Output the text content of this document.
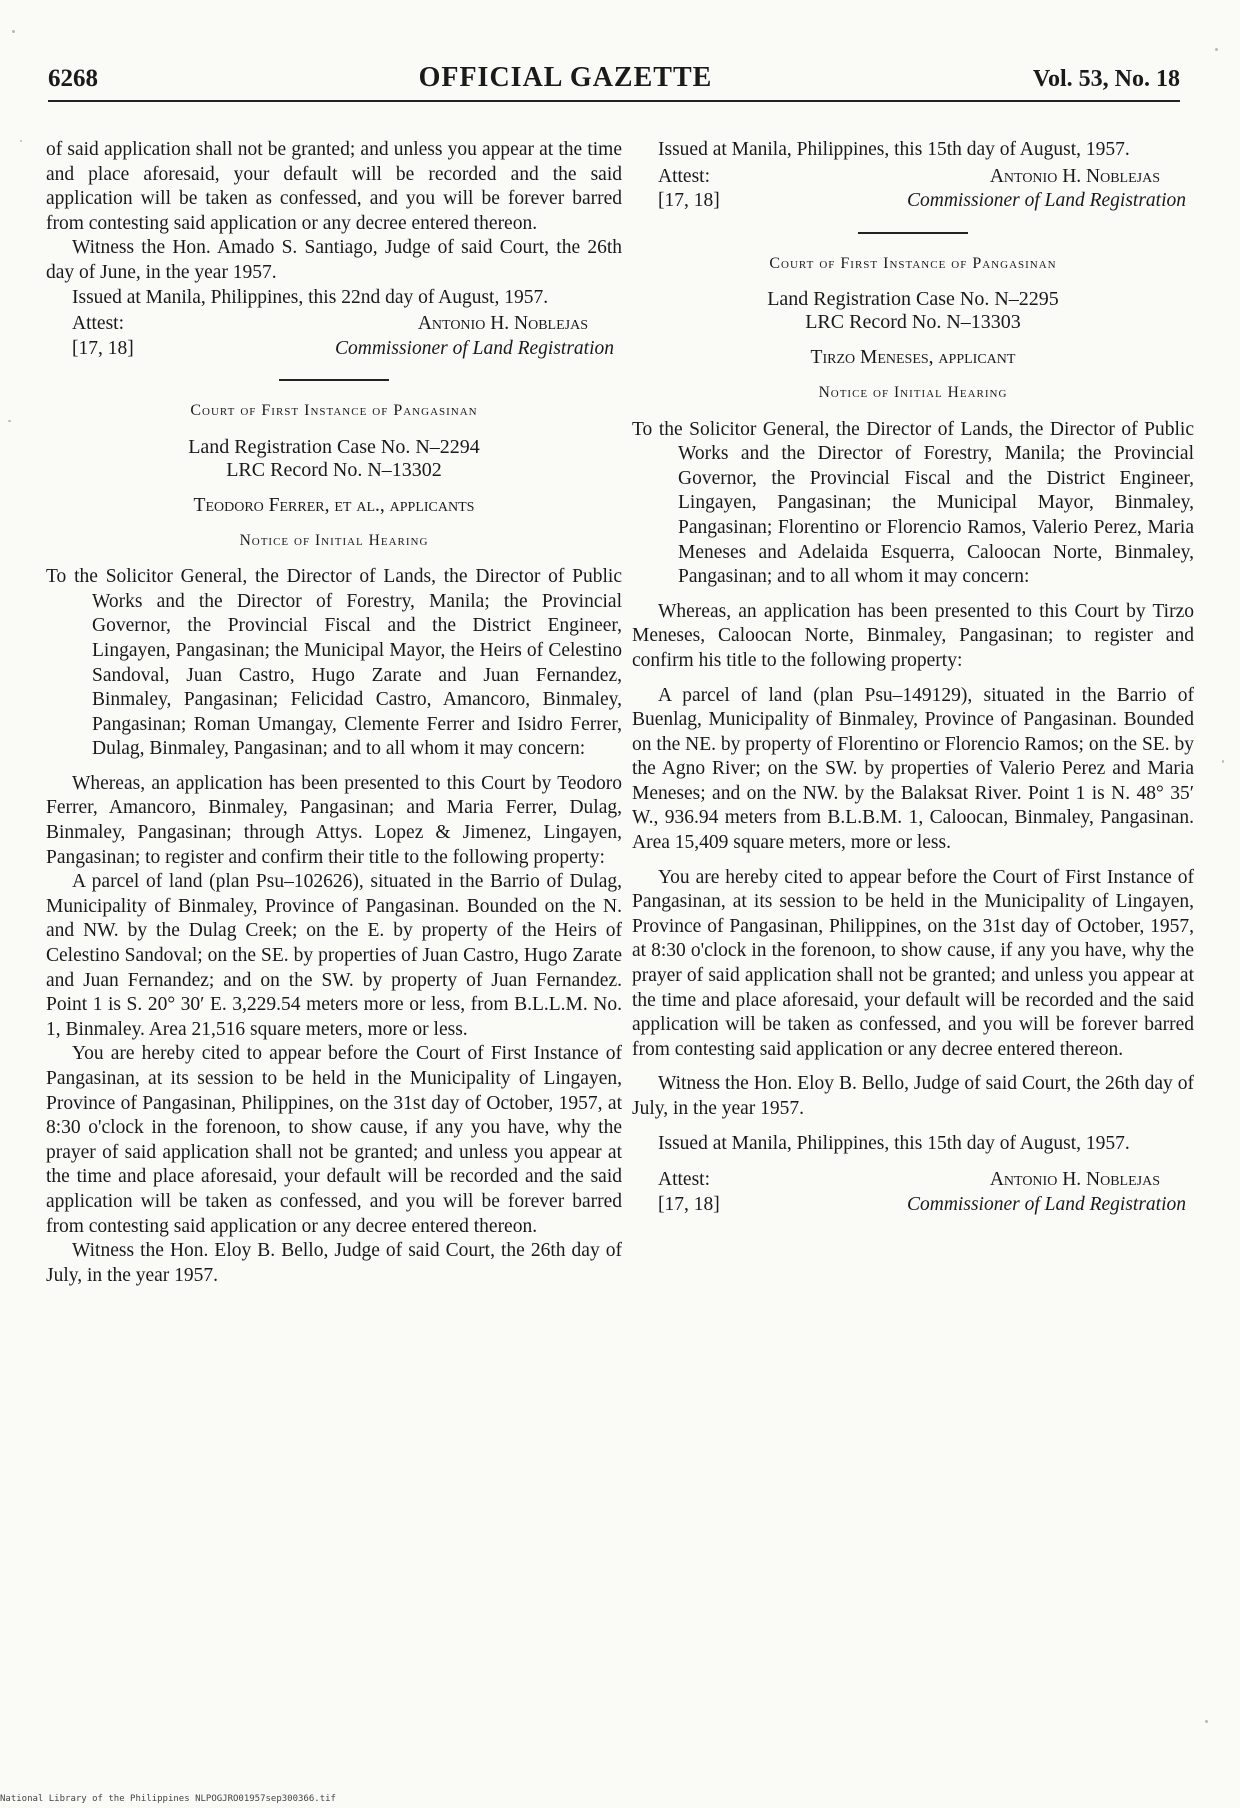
6268	OFFICIAL GAZETTE	Vol. 53, No. 18

of said application shall not be granted; and unless you appear at the time and place aforesaid, your default will be recorded and the said application will be taken as confessed, and you will be forever barred from contesting said application or any decree entered thereon.

Witness the Hon. Amado S. Santiago, Judge of said Court, the 26th day of June, in the year 1957.

Issued at Manila, Philippines, this 22nd day of August, 1957.

Attest:	Antonio H. Noblejas
[17, 18]	Commissioner of Land Registration
Court of First Instance of Pangasinan
Land Registration Case No. N–2294
LRC Record No. N–13302
Teodoro Ferrer, et al., applicants
Notice of Initial Hearing

To the Solicitor General, the Director of Lands, the Director of Public Works and the Director of Forestry, Manila; the Provincial Governor, the Provincial Fiscal and the District Engineer, Lingayen, Pangasinan; the Municipal Mayor, the Heirs of Celestino Sandoval, Juan Castro, Hugo Zarate and Juan Fernandez, Binmaley, Pangasinan; Felicidad Castro, Amancoro, Binmaley, Pangasinan; Roman Umangay, Clemente Ferrer and Isidro Ferrer, Dulag, Binmaley, Pangasinan; and to all whom it may concern:

Whereas, an application has been presented to this Court by Teodoro Ferrer, Amancoro, Binmaley, Pangasinan; and Maria Ferrer, Dulag, Binmaley, Pangasinan; through Attys. Lopez & Jimenez, Lingayen, Pangasinan; to register and confirm their title to the following property:

A parcel of land (plan Psu–102626), situated in the Barrio of Dulag, Municipality of Binmaley, Province of Pangasinan. Bounded on the N. and NW. by the Dulag Creek; on the E. by property of the Heirs of Celestino Sandoval; on the SE. by properties of Juan Castro, Hugo Zarate and Juan Fernandez; and on the SW. by property of Juan Fernandez. Point 1 is S. 20° 30′ E. 3,229.54 meters more or less, from B.L.L.M. No. 1, Binmaley. Area 21,516 square meters, more or less.

You are hereby cited to appear before the Court of First Instance of Pangasinan, at its session to be held in the Municipality of Lingayen, Province of Pangasinan, Philippines, on the 31st day of October, 1957, at 8:30 o'clock in the forenoon, to show cause, if any you have, why the prayer of said application shall not be granted; and unless you appear at the time and place aforesaid, your default will be recorded and the said application will be taken as confessed, and you will be forever barred from contesting said application or any decree entered thereon.

Witness the Hon. Eloy B. Bello, Judge of said Court, the 26th day of July, in the year 1957.

Issued at Manila, Philippines, this 15th day of August, 1957.

Attest:	Antonio H. Noblejas
[17, 18]	Commissioner of Land Registration
Court of First Instance of Pangasinan
Land Registration Case No. N–2295
LRC Record No. N–13303
Tirzo Meneses, applicant
Notice of Initial Hearing

To the Solicitor General, the Director of Lands, the Director of Public Works and the Director of Forestry, Manila; the Provincial Governor, the Provincial Fiscal and the District Engineer, Lingayen, Pangasinan; the Municipal Mayor, Binmaley, Pangasinan; Florentino or Florencio Ramos, Valerio Perez, Maria Meneses and Adelaida Esquerra, Caloocan Norte, Binmaley, Pangasinan; and to all whom it may concern:

Whereas, an application has been presented to this Court by Tirzo Meneses, Caloocan Norte, Binmaley, Pangasinan; to register and confirm his title to the following property:

A parcel of land (plan Psu–149129), situated in the Barrio of Buenlag, Municipality of Binmaley, Province of Pangasinan. Bounded on the NE. by property of Florentino or Florencio Ramos; on the SE. by the Agno River; on the SW. by properties of Valerio Perez and Maria Meneses; and on the NW. by the Balaksat River. Point 1 is N. 48° 35′ W., 936.94 meters from B.L.B.M. 1, Caloocan, Binmaley, Pangasinan. Area 15,409 square meters, more or less.

You are hereby cited to appear before the Court of First Instance of Pangasinan, at its session to be held in the Municipality of Lingayen, Province of Pangasinan, Philippines, on the 31st day of October, 1957, at 8:30 o'clock in the forenoon, to show cause, if any you have, why the prayer of said application shall not be granted; and unless you appear at the time and place aforesaid, your default will be recorded and the said application will be taken as confessed, and you will be forever barred from contesting said application or any decree entered thereon.

Witness the Hon. Eloy B. Bello, Judge of said Court, the 26th day of July, in the year 1957.

Issued at Manila, Philippines, this 15th day of August, 1957.

Attest:	Antonio H. Noblejas
[17, 18]	Commissioner of Land Registration
National Library of the Philippines NLPOGJRO01957sep300366.tif
